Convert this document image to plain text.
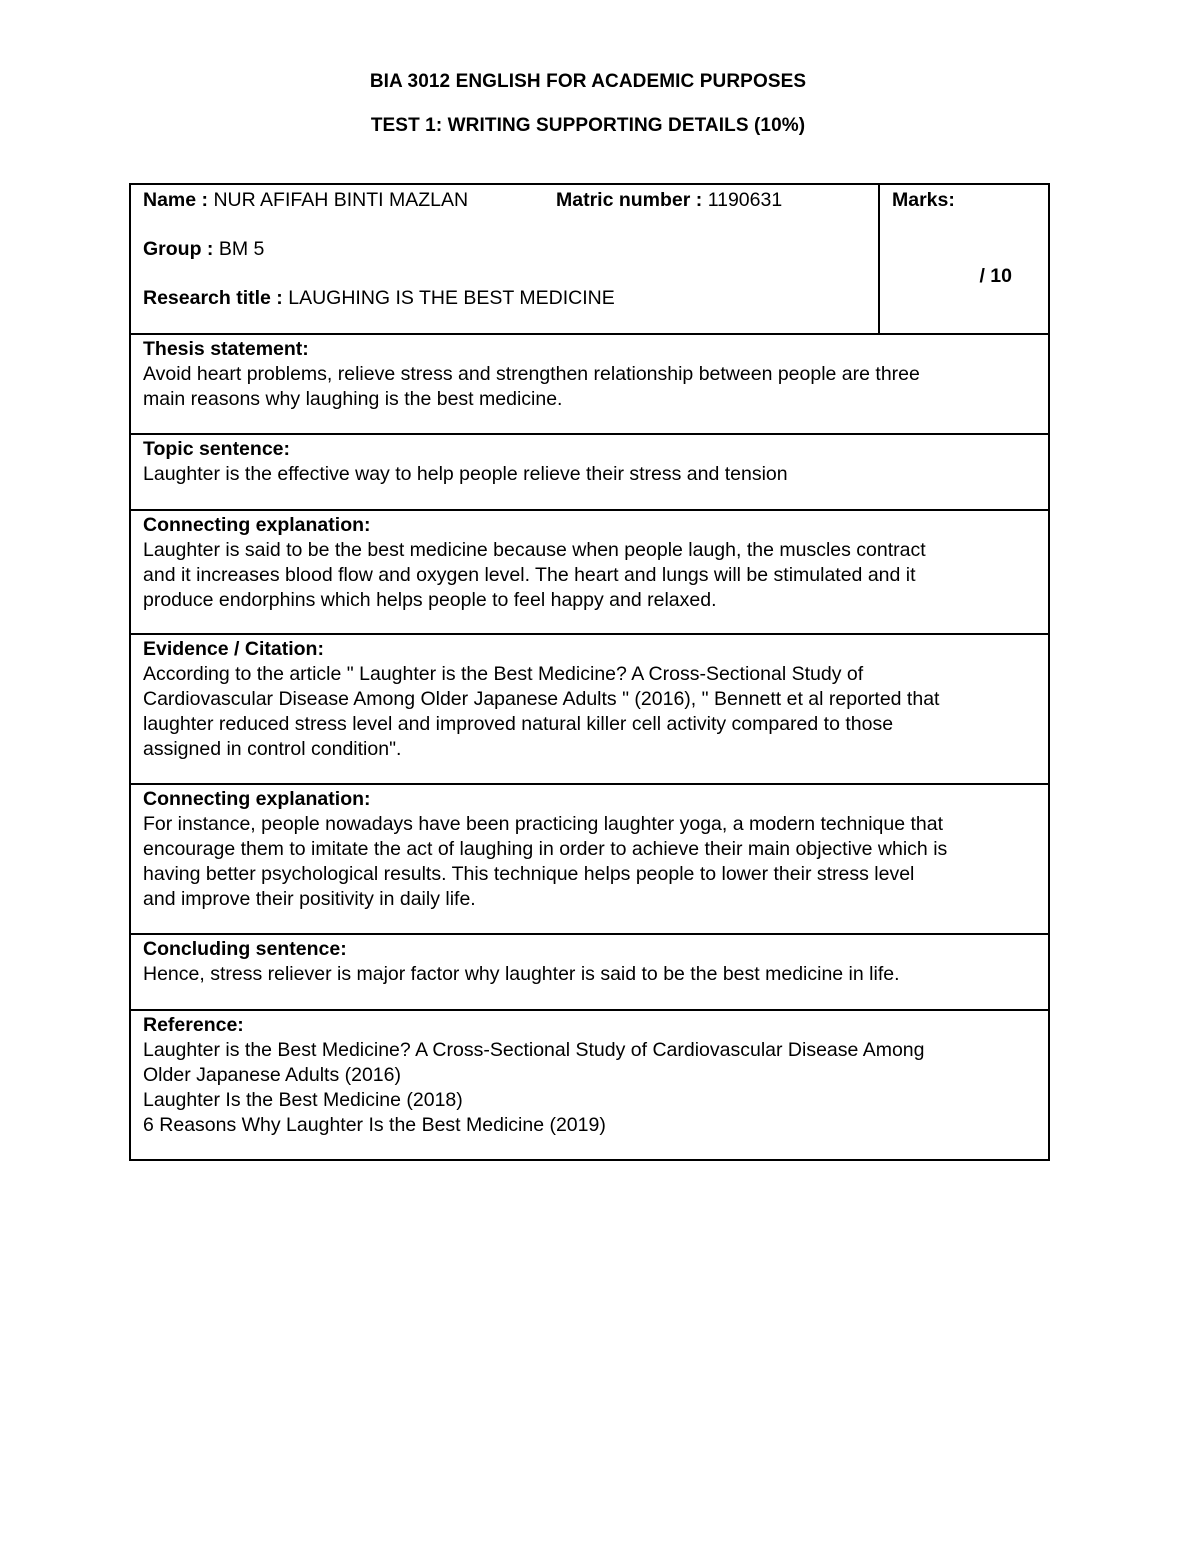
BIA 3012 ENGLISH FOR ACADEMIC PURPOSES
TEST 1: WRITING SUPPORTING DETAILS (10%)
Name : NUR AFIFAH BINTI MAZLAN	Matric number : 1190631
Group : BM 5
Research title : LAUGHING IS THE BEST MEDICINE

Marks:
/ 10

Thesis statement:
Avoid heart problems, relieve stress and strengthen relationship between people are three
main reasons why laughing is the best medicine.

Topic sentence:
Laughter is the effective way to help people relieve their stress and tension

Connecting explanation:
Laughter is said to be the best medicine because when people laugh, the muscles contract
and it increases blood flow and oxygen level. The heart and lungs will be stimulated and it
produce endorphins which helps people to feel happy and relaxed.

Evidence / Citation:
According to the article " Laughter is the Best Medicine? A Cross-Sectional Study of
Cardiovascular Disease Among Older Japanese Adults " (2016), " Bennett et al reported that
laughter reduced stress level and improved natural killer cell activity compared to those
assigned in control condition".

Connecting explanation:
For instance, people nowadays have been practicing laughter yoga, a modern technique that
encourage them to imitate the act of laughing in order to achieve their main objective which is
having better psychological results. This technique helps people to lower their stress level
and improve their positivity in daily life.

Concluding sentence:
Hence, stress reliever is major factor why laughter is said to be the best medicine in life.

Reference:
Laughter is the Best Medicine? A Cross-Sectional Study of Cardiovascular Disease Among
Older Japanese Adults (2016)
Laughter Is the Best Medicine (2018)
6 Reasons Why Laughter Is the Best Medicine (2019)
